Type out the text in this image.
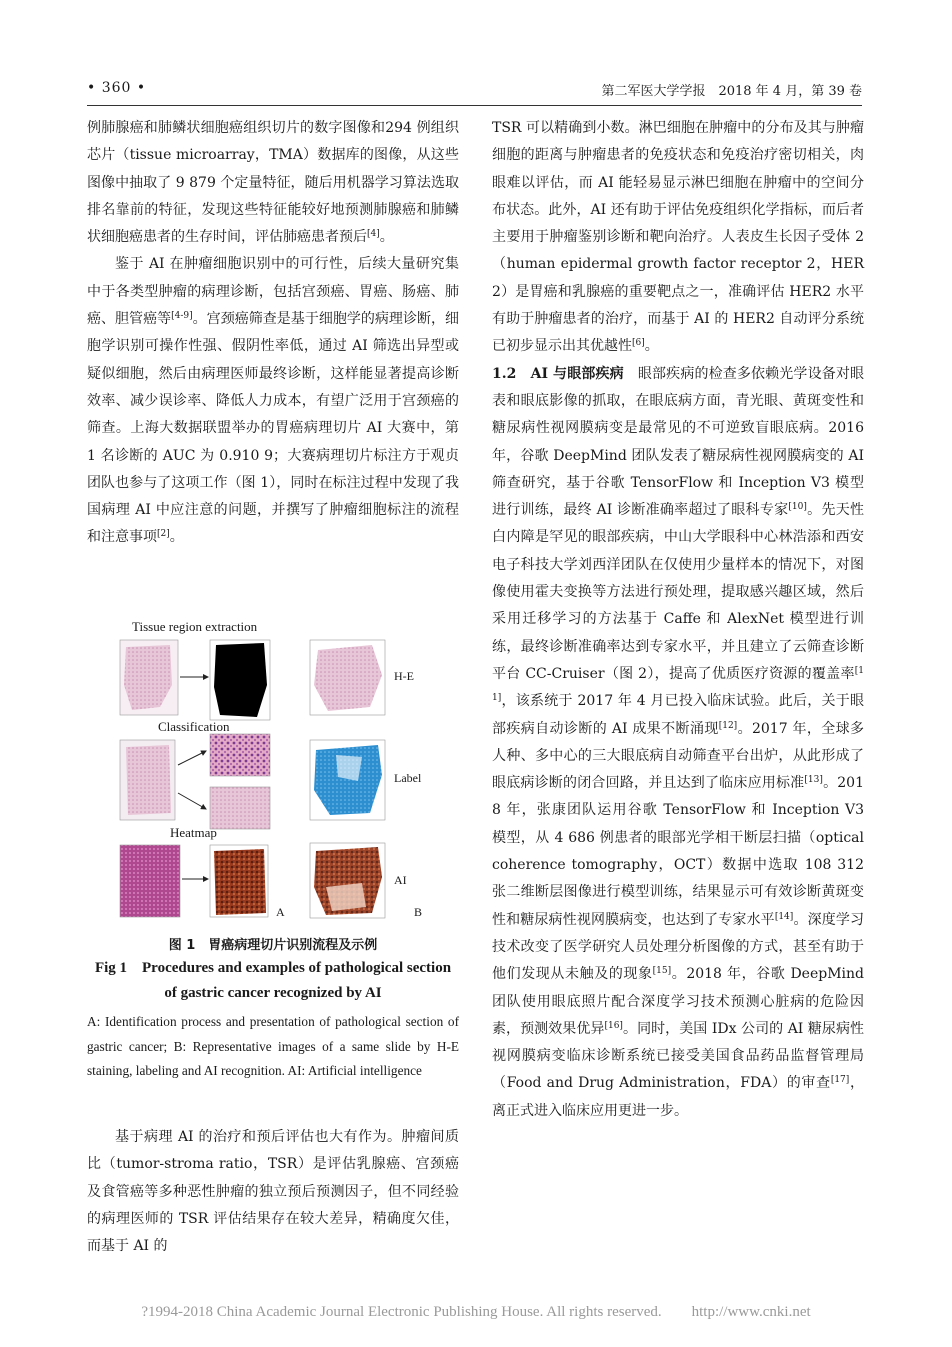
• 360 •	第二军医大学学报　2018 年 4 月，第 39 卷

例肺腺癌和肺鳞状细胞癌组织切片的数字图像和294 例组织芯片（tissue microarray，TMA）数据库的图像，从这些图像中抽取了 9 879 个定量特征，随后用机器学习算法选取排名靠前的特征，发现这些特征能较好地预测肺腺癌和肺鳞状细胞癌患者的生存时间，评估肺癌患者预后[4]。

鉴于 AI 在肿瘤细胞识别中的可行性，后续大量研究集中于各类型肿瘤的病理诊断，包括宫颈癌、胃癌、肠癌、肺癌、胆管癌等[4-9]。宫颈癌筛查是基于细胞学的病理诊断，细胞学识别可操作性强、假阴性率低，通过 AI 筛选出异型或疑似细胞，然后由病理医师最终诊断，这样能显著提高诊断效率、减少误诊率、降低人力成本，有望广泛用于宫颈癌的筛查。上海大数据联盟举办的胃癌病理切片 AI 大赛中，第 1 名诊断的 AUC 为 0.910 9；大赛病理切片标注方于观贞团队也参与了这项工作（图 1），同时在标注过程中发现了我国病理 AI 中应注意的问题，并撰写了肿瘤细胞标注的流程和注意事项[2]。

Tissue region extraction
Classification
Heatmap
H-E
Label
AI
A	B
图 1　胃癌病理切片识别流程及示例
Fig 1　Procedures and examples of pathological section of gastric cancer recognized by AI
A: Identification process and presentation of pathological section of gastric cancer; B: Representative images of a same slide by H-E staining, labeling and AI recognition. AI: Artificial intelligence

基于病理 AI 的治疗和预后评估也大有作为。肿瘤间质比（tumor-stroma ratio，TSR）是评估乳腺癌、宫颈癌及食管癌等多种恶性肿瘤的独立预后预测因子，但不同经验的病理医师的 TSR 评估结果存在较大差异，精确度欠佳，而基于 AI 的

TSR 可以精确到小数。淋巴细胞在肿瘤中的分布及其与肿瘤细胞的距离与肿瘤患者的免疫状态和免疫治疗密切相关，肉眼难以评估，而 AI 能轻易显示淋巴细胞在肿瘤中的空间分布状态。此外，AI 还有助于评估免疫组织化学指标，而后者主要用于肿瘤鉴别诊断和靶向治疗。人表皮生长因子受体 2（human epidermal growth factor receptor 2，HER2）是胃癌和乳腺癌的重要靶点之一，准确评估 HER2 水平有助于肿瘤患者的治疗，而基于 AI 的 HER2 自动评分系统已初步显示出其优越性[6]。

1.2　AI 与眼部疾病　眼部疾病的检查多依赖光学设备对眼表和眼底影像的抓取，在眼底病方面，青光眼、黄斑变性和糖尿病性视网膜病变是最常见的不可逆致盲眼底病。2016 年，谷歌 DeepMind 团队发表了糖尿病性视网膜病变的 AI 筛查研究，基于谷歌 TensorFlow 和 Inception V3 模型进行训练，最终 AI 诊断准确率超过了眼科专家[10]。先天性白内障是罕见的眼部疾病，中山大学眼科中心林浩添和西安电子科技大学刘西洋团队在仅使用少量样本的情况下，对图像使用霍夫变换等方法进行预处理，提取感兴趣区域，然后采用迁移学习的方法基于 Caffe 和 AlexNet 模型进行训练，最终诊断准确率达到专家水平，并且建立了云筛查诊断平台 CC-Cruiser（图 2），提高了优质医疗资源的覆盖率[11]，该系统于 2017 年 4 月已投入临床试验。此后，关于眼部疾病自动诊断的 AI 成果不断涌现[12]。2017 年，全球多人种、多中心的三大眼底病自动筛查平台出炉，从此形成了眼底病诊断的闭合回路，并且达到了临床应用标准[13]。2018 年，张康团队运用谷歌 TensorFlow 和 Inception V3 模型，从 4 686 例患者的眼部光学相干断层扫描（optical coherence tomography，OCT）数据中选取 108 312 张二维断层图像进行模型训练，结果显示可有效诊断黄斑变性和糖尿病性视网膜病变，也达到了专家水平[14]。深度学习技术改变了医学研究人员处理分析图像的方式，甚至有助于他们发现从未触及的现象[15]。2018 年，谷歌 DeepMind 团队使用眼底照片配合深度学习技术预测心脏病的危险因素，预测效果优异[16]。同时，美国 IDx 公司的 AI 糖尿病性视网膜病变临床诊断系统已接受美国食品药品监督管理局（Food and Drug Administration，FDA）的审查[17]，离正式进入临床应用更进一步。

?1994-2018 China Academic Journal Electronic Publishing House. All rights reserved.　　http://www.cnki.net
